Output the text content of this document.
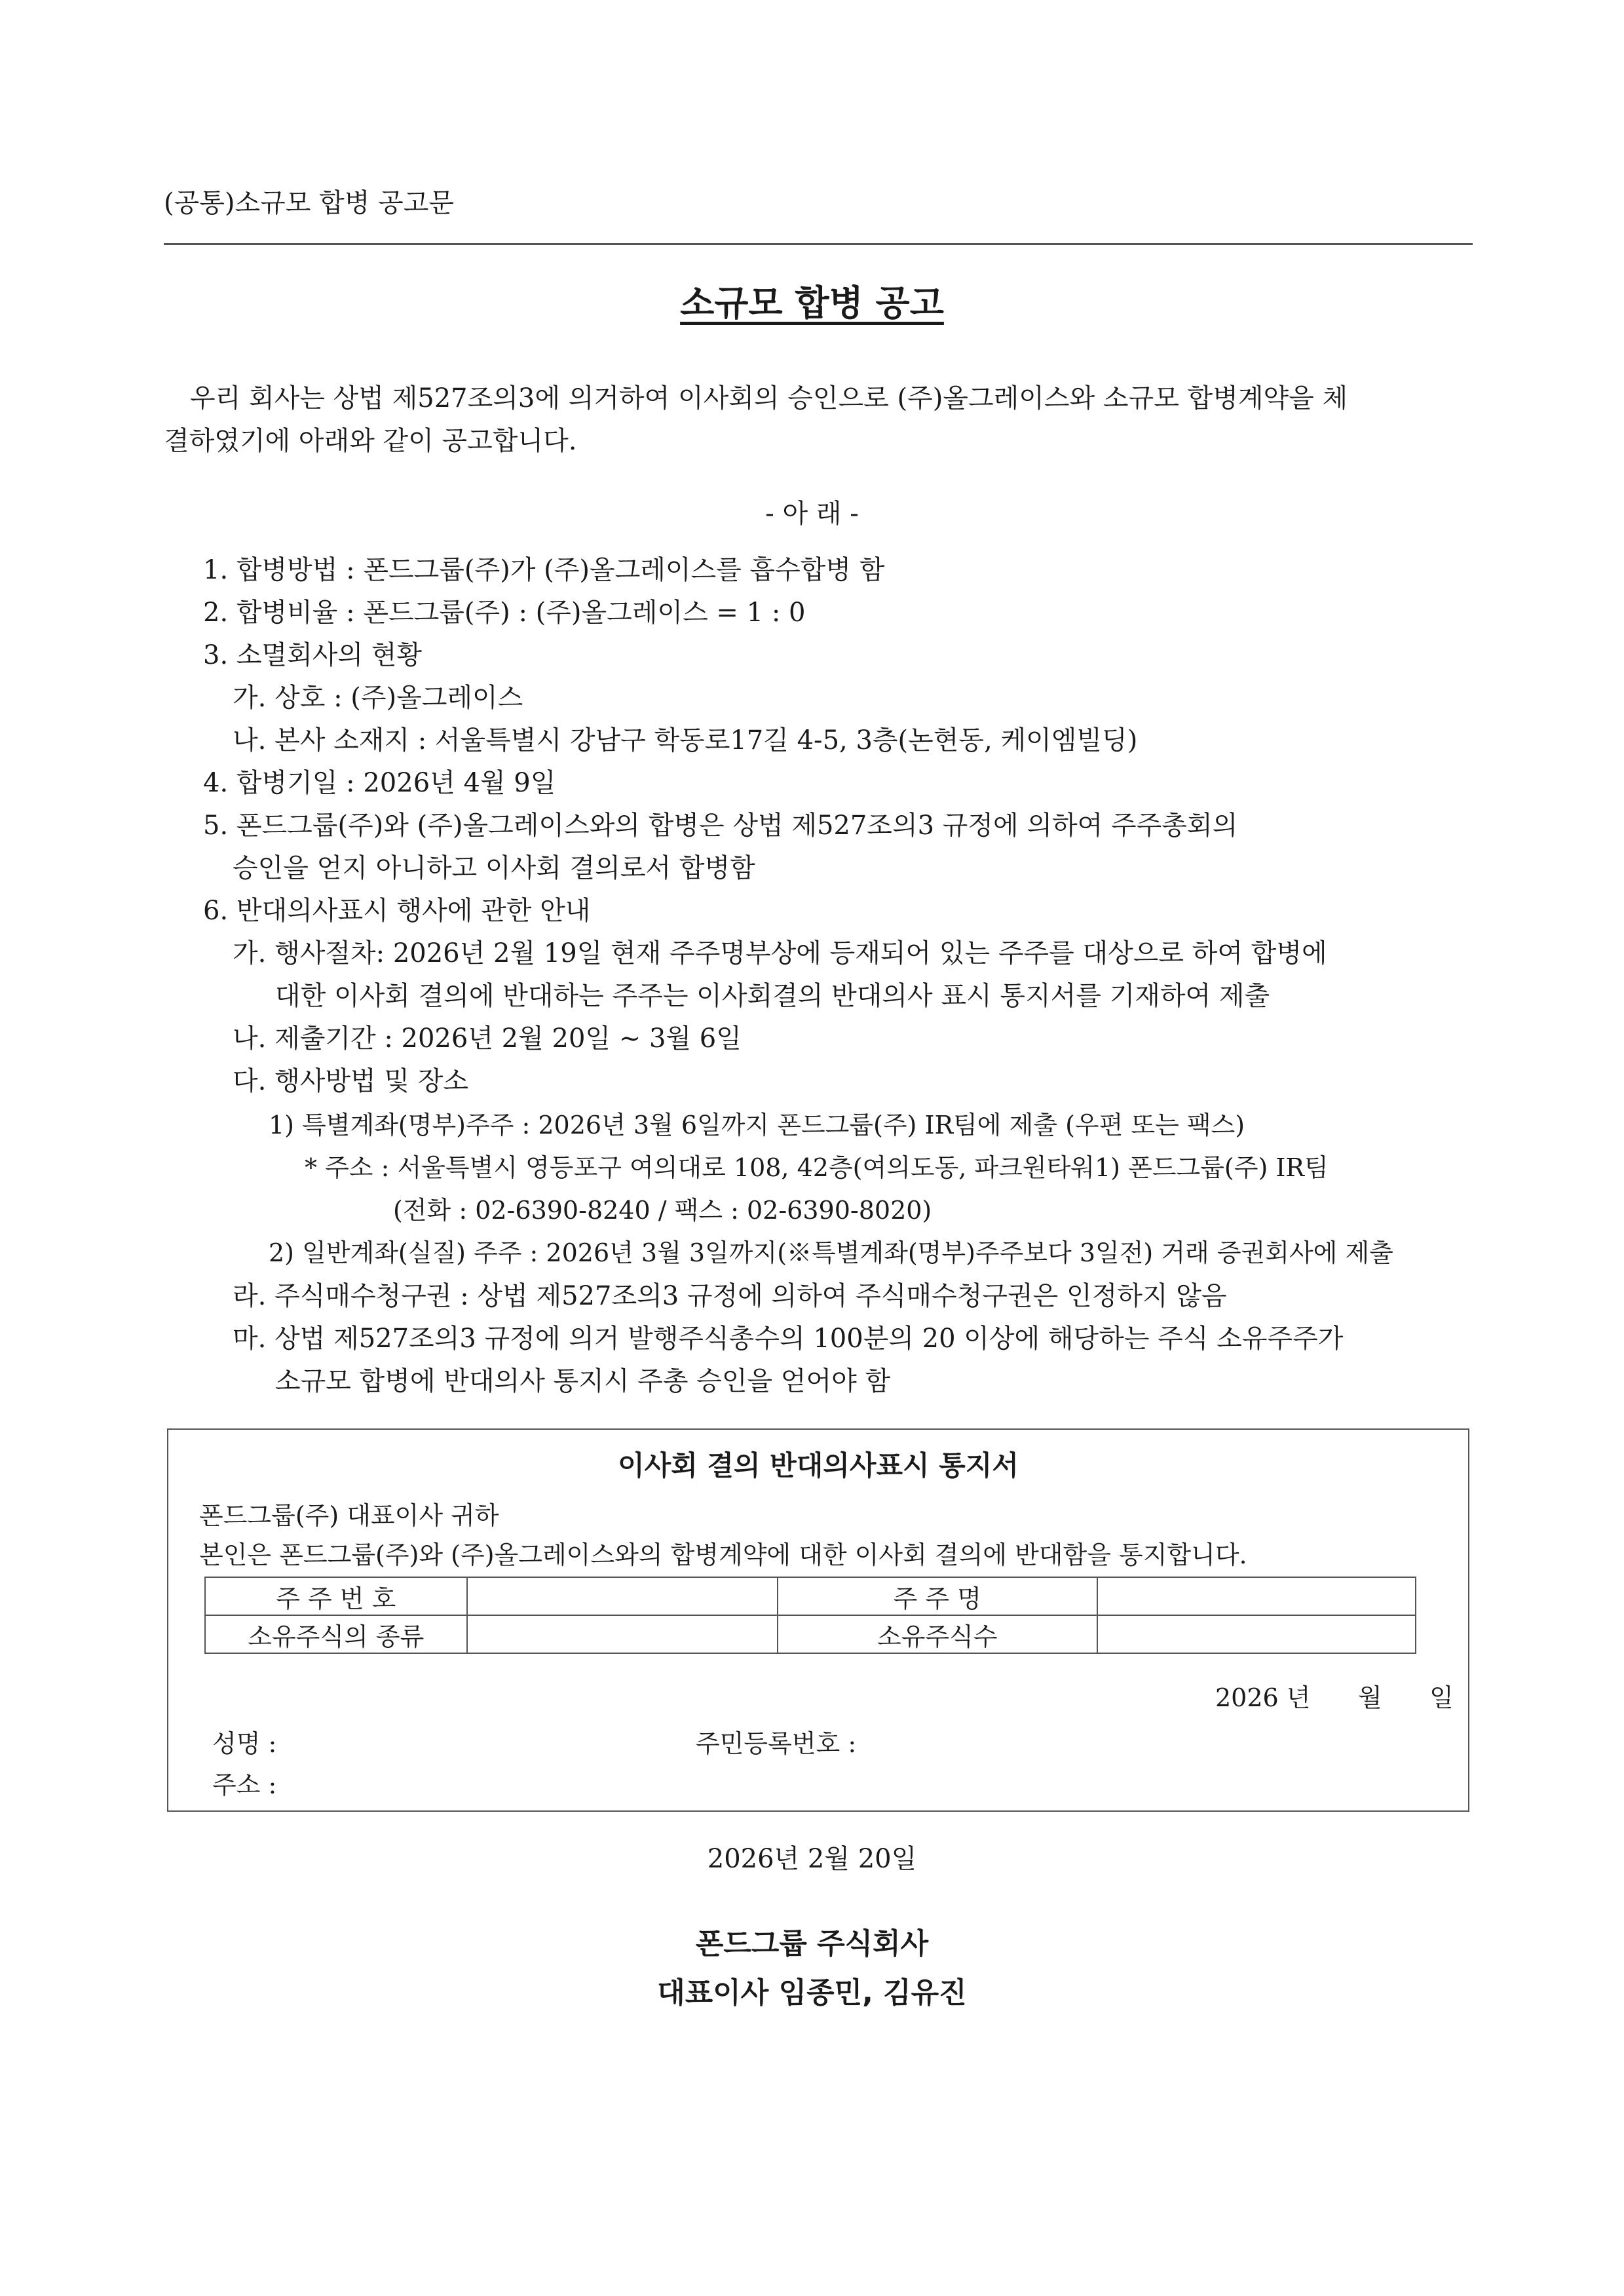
(공통)소규모 합병 공고문
소규모 합병 공고
우리 회사는 상법 제527조의3에 의거하여 이사회의 승인으로 (주)올그레이스와 소규모 합병계약을 체
결하였기에 아래와 같이 공고합니다.
- 아 래 -
1. 합병방법 : 폰드그룹(주)가 (주)올그레이스를 흡수합병 함
2. 합병비율 : 폰드그룹(주) : (주)올그레이스 = 1 : 0
3. 소멸회사의 현황
가. 상호 : (주)올그레이스
나. 본사 소재지 : 서울특별시 강남구 학동로17길 4-5, 3층(논현동, 케이엠빌딩)
4. 합병기일 : 2026년 4월 9일
5. 폰드그룹(주)와 (주)올그레이스와의 합병은 상법 제527조의3 규정에 의하여 주주총회의
승인을 얻지 아니하고 이사회 결의로서 합병함
6. 반대의사표시 행사에 관한 안내
가. 행사절차: 2026년 2월 19일 현재 주주명부상에 등재되어 있는 주주를 대상으로 하여 합병에
대한 이사회 결의에 반대하는 주주는 이사회결의 반대의사 표시 통지서를 기재하여 제출
나. 제출기간 : 2026년 2월 20일 ~ 3월 6일
다. 행사방법 및 장소
1) 특별계좌(명부)주주 : 2026년 3월 6일까지 폰드그룹(주) IR팀에 제출 (우편 또는 팩스)
* 주소 : 서울특별시 영등포구 여의대로 108, 42층(여의도동, 파크원타워1) 폰드그룹(주) IR팀
(전화 : 02-6390-8240 / 팩스 : 02-6390-8020)
2) 일반계좌(실질) 주주 : 2026년 3월 3일까지(※특별계좌(명부)주주보다 3일전) 거래 증권회사에 제출
라. 주식매수청구권 : 상법 제527조의3 규정에 의하여 주식매수청구권은 인정하지 않음
마. 상법 제527조의3 규정에 의거 발행주식총수의 100분의 20 이상에 해당하는 주식 소유주주가
소규모 합병에 반대의사 통지시 주총 승인을 얻어야 함
이사회 결의 반대의사표시 통지서
폰드그룹(주) 대표이사 귀하
본인은 폰드그룹(주)와 (주)올그레이스와의 합병계약에 대한 이사회 결의에 반대함을 통지합니다.
주 주 번 호		주 주 명	
소유주식의 종류		소유주식수	
2026 년      월      일
성명 :	주민등록번호 :
주소 :
2026년 2월 20일
폰드그룹 주식회사
대표이사 임종민, 김유진
